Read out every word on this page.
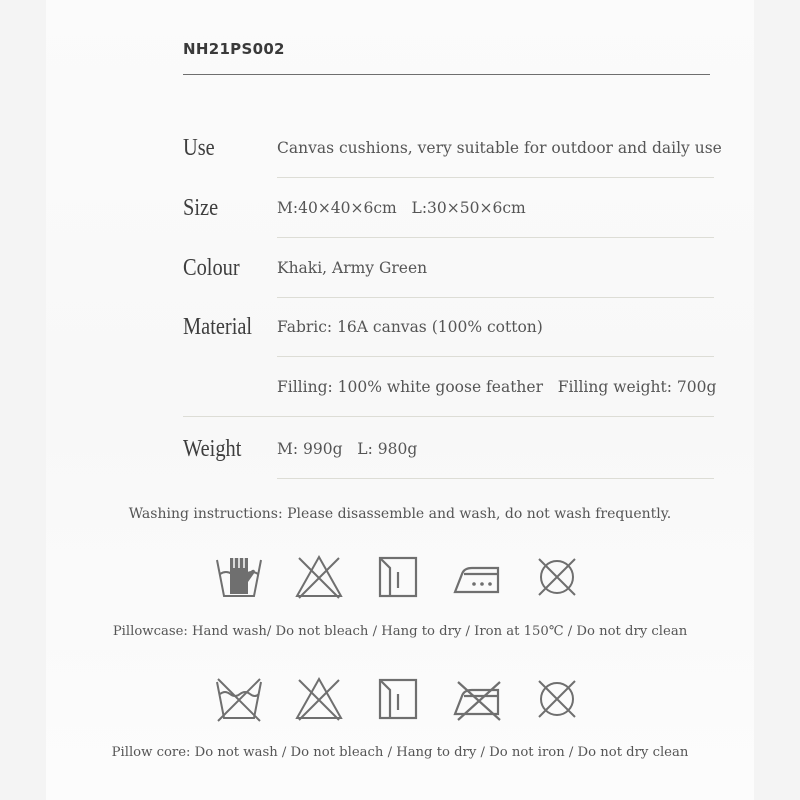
NH21PS002
Use	Canvas cushions, very suitable for outdoor and daily use
Size	M:40×40×6cm   L:30×50×6cm
Colour Khaki, Army Green
Material Fabric: 16A canvas (100% cotton)
Filling: 100% white goose feather   Filling weight: 700g
Weight M: 990g   L: 980g
Washing instructions: Please disassemble and wash, do not wash frequently.
Pillowcase: Hand wash/ Do not bleach / Hang to dry / Iron at 150℃ / Do not dry clean
Pillow core: Do not wash / Do not bleach / Hang to dry / Do not iron / Do not dry clean
